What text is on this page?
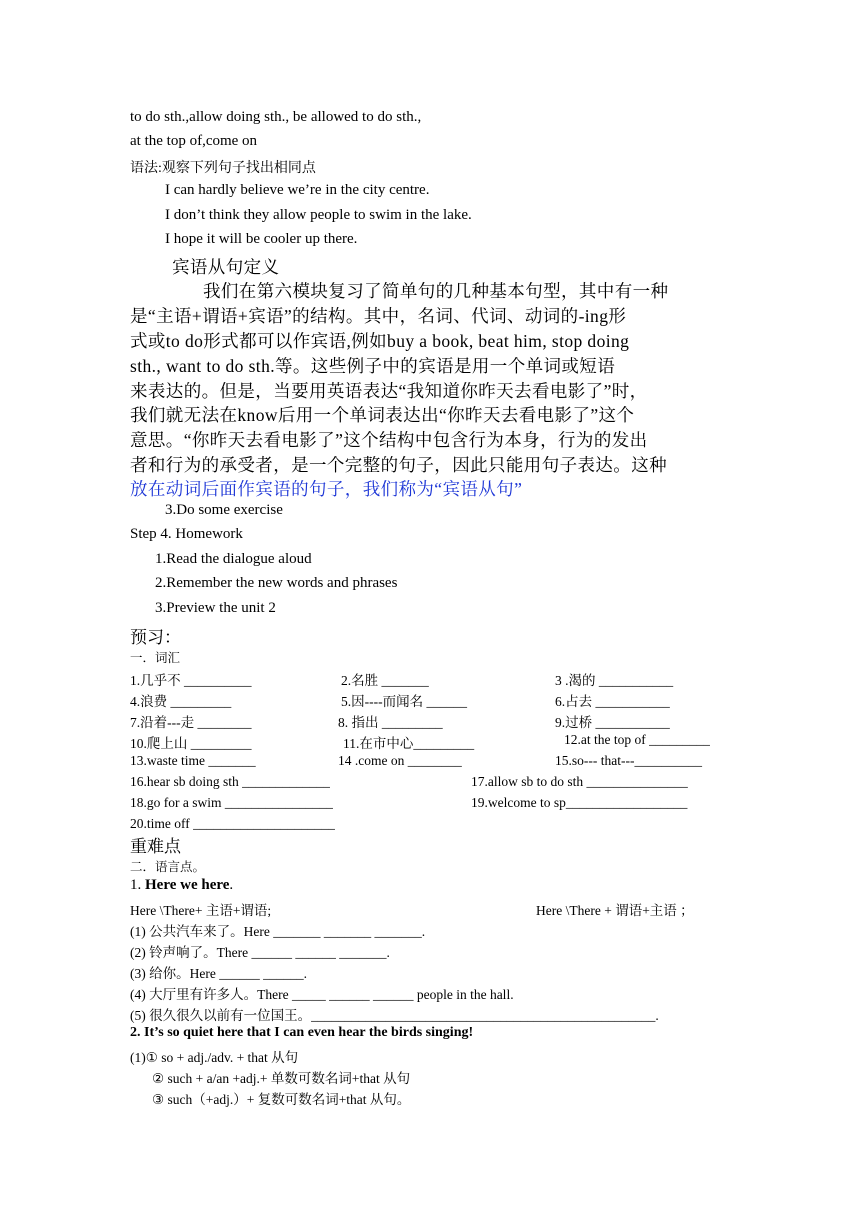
to do sth.,allow doing sth., be allowed to do sth.,
at the top of,come on
语法:观察下列句子找出相同点
I can hardly believe we’re in the city centre.
I don’t think they allow people to swim in the lake.
I hope it will be cooler up there.
宾语从句定义
我们在第六模块复习了简单句的几种基本句型，其中有一种
是“主语+谓语+宾语”的结构。其中，名词、代词、动词的-ing形
式或to do形式都可以作宾语,例如buy a book, beat him, stop doing
sth., want to do sth.等。这些例子中的宾语是用一个单词或短语
来表达的。但是，当要用英语表达“我知道你昨天去看电影了”时，
我们就无法在know后用一个单词表达出“你昨天去看电影了”这个
意思。“你昨天去看电影了”这个结构中包含行为本身，行为的发出
者和行为的承受者，是一个完整的句子，因此只能用句子表达。这种
放在动词后面作宾语的句子，我们称为“宾语从句”
3.Do some exercise
Step 4. Homework
1.Read the dialogue aloud
2.Remember the new words and phrases
3.Preview the unit 2
预习：
一．词汇
1.几乎不 __________	2.名胜 _______	3 .渴的 ___________
4.浪费 _________	5.因----而闻名 ______	6.占去 ___________
7.沿着---走 ________	8. 指出 _________	9.过桥 ___________
10.爬上山 _________	11.在市中心_________	12.at the top of _________
13.waste time _______	14 .come on ________	15.so--- that---__________
16.hear sb doing sth _____________	17.allow sb to do sth _______________
18.go for a swim ________________	19.welcome to sp__________________
20.time off _____________________
重难点
二．语言点。
1. Here we here.
Here \There+ 主语+谓语;	Here \There + 谓语+主语 ；
(1) 公共汽车来了。Here _______ _______ _______.
(2) 铃声响了。There ______ ______ _______.
(3) 给你。Here ______ ______.
(4) 大厅里有许多人。There _____ ______ ______ people in the hall.
(5) 很久很久以前有一位国王。___________________________________________________.
2. It’s so quiet here that I can even hear the birds singing!
(1)① so + adj./adv. + that 从句
② such + a/an +adj.+ 单数可数名词+that 从句
③ such（+adj.）+ 复数可数名词+that 从句。
